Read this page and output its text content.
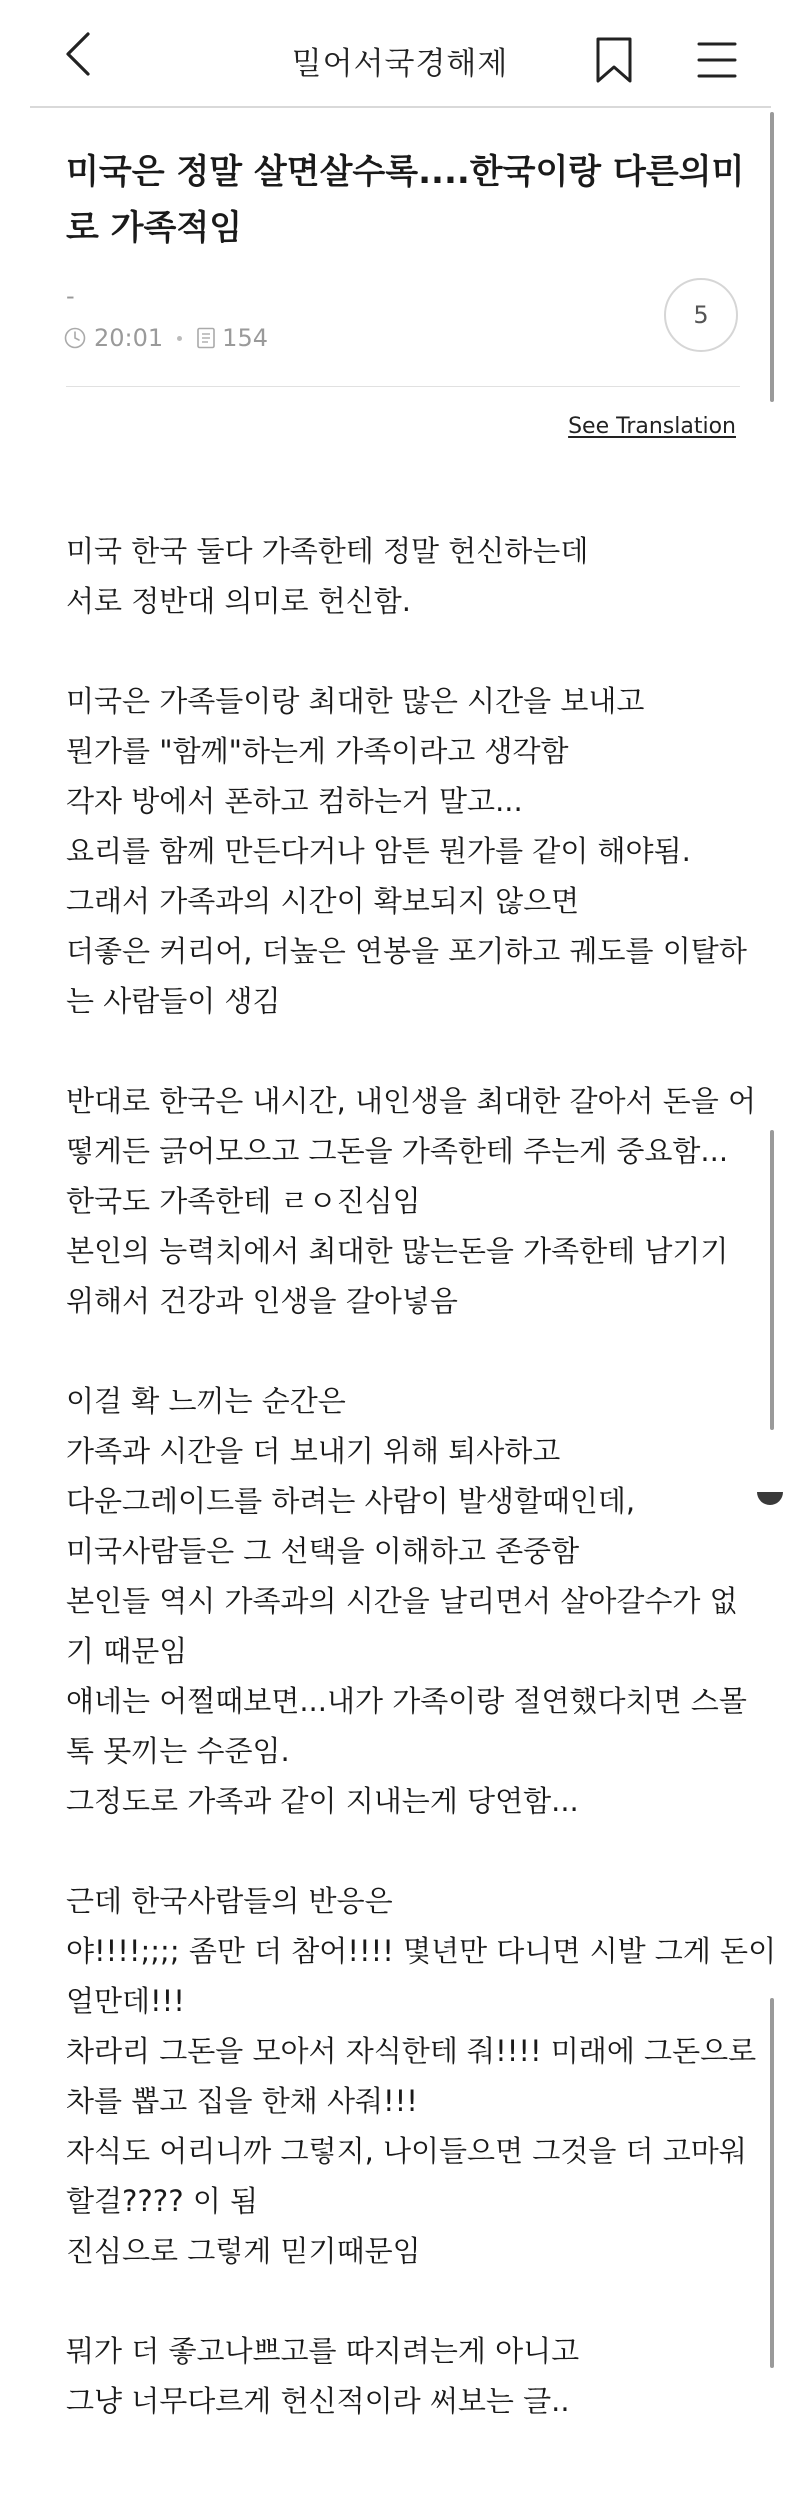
밀어서국경해제
미국은 정말 살면살수록....한국이랑 다른의미로 가족적임
-
20:01 154
5
See Translation
미국 한국 둘다 가족한테 정말 헌신하는데
서로 정반대 의미로 헌신함.
미국은 가족들이랑 최대한 많은 시간을 보내고
뭔가를 "함께"하는게 가족이라고 생각함
각자 방에서 폰하고 컴하는거 말고...
요리를 함께 만든다거나 암튼 뭔가를 같이 해야됨.
그래서 가족과의 시간이 확보되지 않으면
더좋은 커리어, 더높은 연봉을 포기하고 궤도를 이탈하
는 사람들이 생김
반대로 한국은 내시간, 내인생을 최대한 갈아서 돈을 어
떻게든 긁어모으고 그돈을 가족한테 주는게 중요함...
한국도 가족한테 ㄹㅇ진심임
본인의 능력치에서 최대한 많는돈을 가족한테 남기기
위해서 건강과 인생을 갈아넣음
이걸 확 느끼는 순간은
가족과 시간을 더 보내기 위해 퇴사하고
다운그레이드를 하려는 사람이 발생할때인데,
미국사람들은 그 선택을 이해하고 존중함
본인들 역시 가족과의 시간을 날리면서 살아갈수가 없
기 때문임
얘네는 어쩔때보면...내가 가족이랑 절연했다치면 스몰
톡 못끼는 수준임.
그정도로 가족과 같이 지내는게 당연함...
근데 한국사람들의 반응은
야!!!!;;;; 좀만 더 참어!!!! 몇년만 다니면 시발 그게 돈이
얼만데!!!
차라리 그돈을 모아서 자식한테 줘!!!! 미래에 그돈으로
차를 뽑고 집을 한채 사줘!!!
자식도 어리니까 그렇지, 나이들으면 그것을 더 고마워
할걸???? 이 됨
진심으로 그렇게 믿기때문임
뭐가 더 좋고나쁘고를 따지려는게 아니고
그냥 너무다르게 헌신적이라 써보는 글..
